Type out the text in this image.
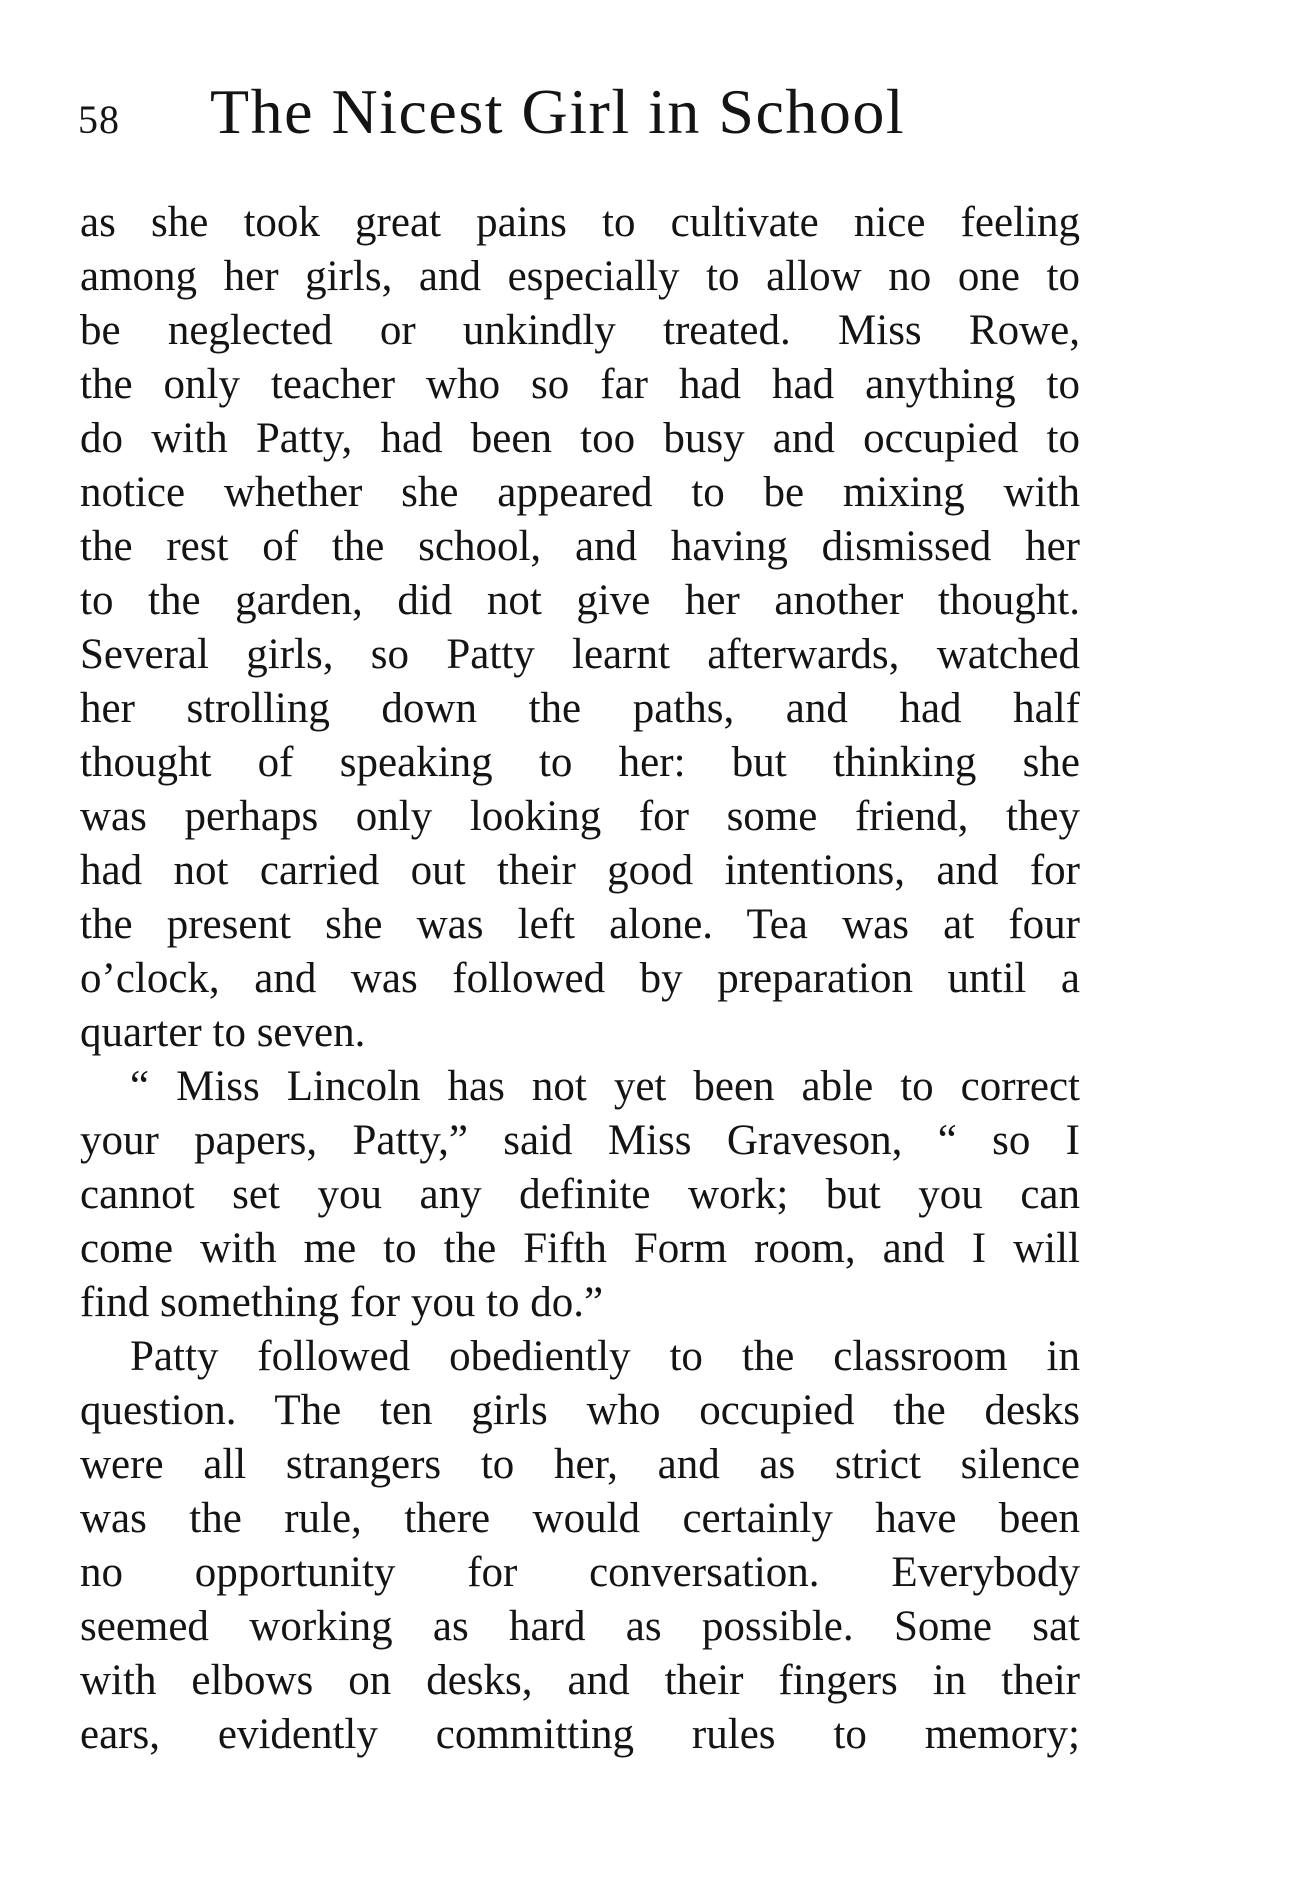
58 The Nicest Girl in School
as she took great pains to cultivate nice feeling
among her girls, and especially to allow no one to
be neglected or unkindly treated. Miss Rowe,
the only teacher who so far had had anything to
do with Patty, had been too busy and occupied to
notice whether she appeared to be mixing with
the rest of the school, and having dismissed her
to the garden, did not give her another thought.
Several girls, so Patty learnt afterwards, watched
her strolling down the paths, and had half
thought of speaking to her: but thinking she
was perhaps only looking for some friend, they
had not carried out their good intentions, and for
the present she was left alone. Tea was at four
o’clock, and was followed by preparation until a
quarter to seven.
“ Miss Lincoln has not yet been able to correct
your papers, Patty,” said Miss Graveson, “ so I
cannot set you any definite work; but you can
come with me to the Fifth Form room, and I will
find something for you to do.”
Patty followed obediently to the classroom in
question. The ten girls who occupied the desks
were all strangers to her, and as strict silence
was the rule, there would certainly have been
no opportunity for conversation. Everybody
seemed working as hard as possible. Some sat
with elbows on desks, and their fingers in their
ears, evidently committing rules to memory;
